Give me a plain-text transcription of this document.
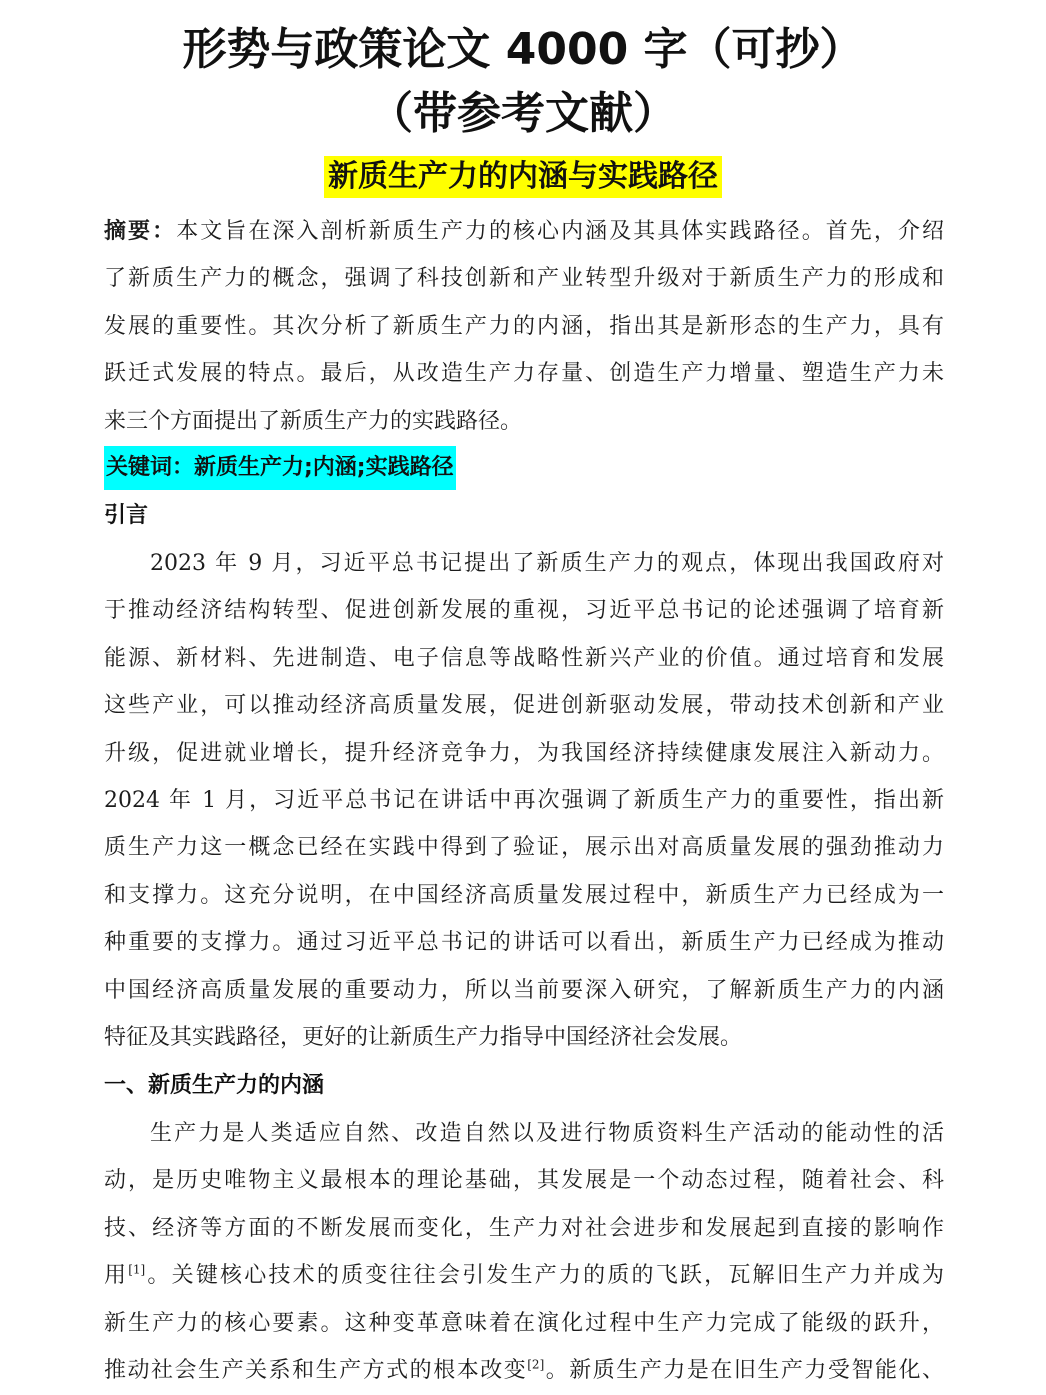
形势与政策论文 4000 字（可抄）
（带参考文献）
新质生产力的内涵与实践路径
摘要：本文旨在深入剖析新质生产力的核心内涵及其具体实践路径。首先，介绍
了新质生产力的概念，强调了科技创新和产业转型升级对于新质生产力的形成和
发展的重要性。其次分析了新质生产力的内涵，指出其是新形态的生产力，具有
跃迁式发展的特点。最后，从改造生产力存量、创造生产力增量、塑造生产力未
来三个方面提出了新质生产力的实践路径。
关键词：新质生产力;内涵;实践路径
引言
2023 年 9 月，习近平总书记提出了新质生产力的观点，体现出我国政府对
于推动经济结构转型、促进创新发展的重视，习近平总书记的论述强调了培育新
能源、新材料、先进制造、电子信息等战略性新兴产业的价值。通过培育和发展
这些产业，可以推动经济高质量发展，促进创新驱动发展，带动技术创新和产业
升级，促进就业增长，提升经济竞争力，为我国经济持续健康发展注入新动力。
2024 年 1 月，习近平总书记在讲话中再次强调了新质生产力的重要性，指出新
质生产力这一概念已经在实践中得到了验证，展示出对高质量发展的强劲推动力
和支撑力。这充分说明，在中国经济高质量发展过程中，新质生产力已经成为一
种重要的支撑力。通过习近平总书记的讲话可以看出，新质生产力已经成为推动
中国经济高质量发展的重要动力，所以当前要深入研究，了解新质生产力的内涵
特征及其实践路径，更好的让新质生产力指导中国经济社会发展。
一、新质生产力的内涵
生产力是人类适应自然、改造自然以及进行物质资料生产活动的能动性的活
动，是历史唯物主义最根本的理论基础，其发展是一个动态过程，随着社会、科
技、经济等方面的不断发展而变化，生产力对社会进步和发展起到直接的影响作
用[1]。关键核心技术的质变往往会引发生产力的质的飞跃，瓦解旧生产力并成为
新生产力的核心要素。这种变革意味着在演化过程中生产力完成了能级的跃升，
推动社会生产关系和生产方式的根本改变[2]。新质生产力是在旧生产力受智能化、
